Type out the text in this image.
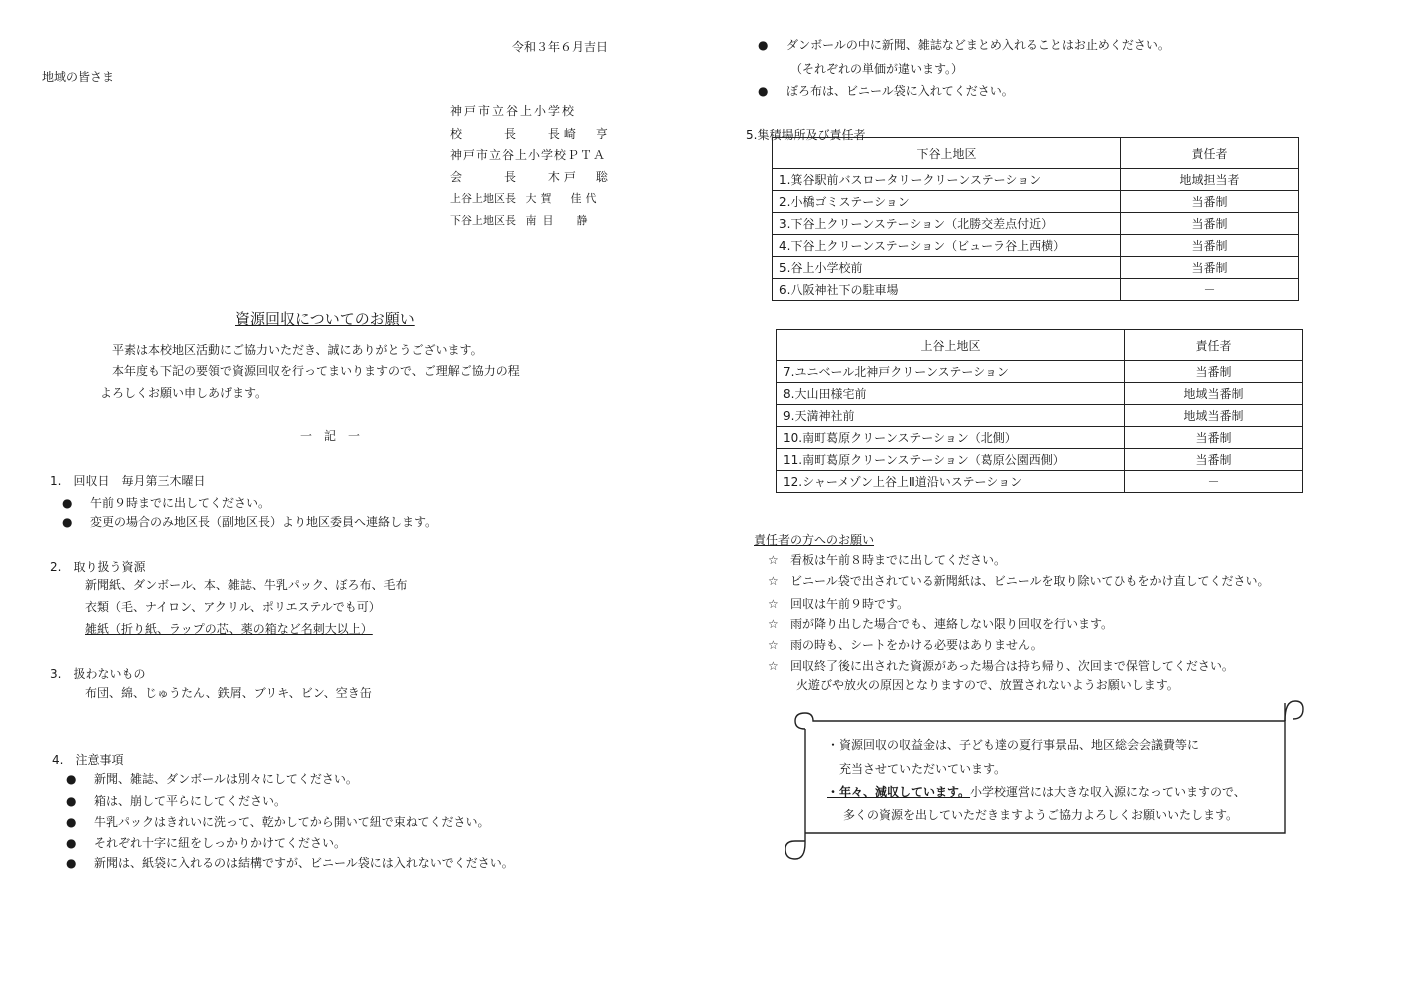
令和３年６月吉日
地域の皆さま
神戸市立谷上小学校
校　　長 長崎　亨
神戸市立谷上小学校ＰＴＡ
会　　長 木戸　聡
上谷上地区長 大賀　佳代
下谷上地区長 南目　静
資源回収についてのお願い
平素は本校地区活動にご協力いただき、誠にありがとうございます。
本年度も下記の要領で資源回収を行ってまいりますので、ご理解ご協力の程
よろしくお願い申しあげます。
一　記　一
1.　回収日　毎月第三木曜日
● 午前９時までに出してください。
● 変更の場合のみ地区長（副地区長）より地区委員へ連絡します。
2.　取り扱う資源
新聞紙、ダンボール、本、雑誌、牛乳パック、ぼろ布、毛布
衣類（毛、ナイロン、アクリル、ポリエステルでも可）
雑紙（折り紙、ラップの芯、薬の箱など名刺大以上）
3.　扱わないもの
布団、綿、じゅうたん、鉄屑、ブリキ、ビン、空き缶
4.　注意事項
● 新聞、雑誌、ダンボールは別々にしてください。
● 箱は、崩して平らにしてください。
● 牛乳パックはきれいに洗って、乾かしてから開いて紐で束ねてください。
● それぞれ十字に紐をしっかりかけてください。
● 新聞は、紙袋に入れるのは結構ですが、ビニール袋には入れないでください。
● ダンボールの中に新聞、雑誌などまとめ入れることはお止めください。
（それぞれの単価が違います。）
● ぼろ布は、ビニール袋に入れてください。
5.集積場所及び責任者
下谷上地区	責任者
1.箕谷駅前バスロータリークリーンステーション	地域担当者
2.小橋ゴミステーション	当番制
3.下谷上クリーンステーション（北勝交差点付近）	当番制
4.下谷上クリーンステーション（ビューラ谷上西横）	当番制
5.谷上小学校前	当番制
6.八阪神社下の駐車場	－
上谷上地区	責任者
7.ユニベール北神戸クリーンステーション	当番制
8.大山田様宅前	地域当番制
9.天満神社前	地域当番制
10.南町葛原クリーンステーション（北側）	当番制
11.南町葛原クリーンステーション（葛原公園西側）	当番制
12.シャーメゾン上谷上Ⅱ道沿いステーション	－
責任者の方へのお願い
☆ 看板は午前８時までに出してください。
☆ ビニール袋で出されている新聞紙は、ビニールを取り除いてひもをかけ直してください。
☆ 回収は午前９時です。
☆ 雨が降り出した場合でも、連絡しない限り回収を行います。
☆ 雨の時も、シートをかける必要はありません。
☆ 回収終了後に出された資源があった場合は持ち帰り、次回まで保管してください。
火遊びや放火の原因となりますので、放置されないようお願いします。
・資源回収の収益金は、子ども達の夏行事景品、地区総会会議費等に
充当させていただいています。
・年々、減収しています。小学校運営には大きな収入源になっていますので、
多くの資源を出していただきますようご協力よろしくお願いいたします。
